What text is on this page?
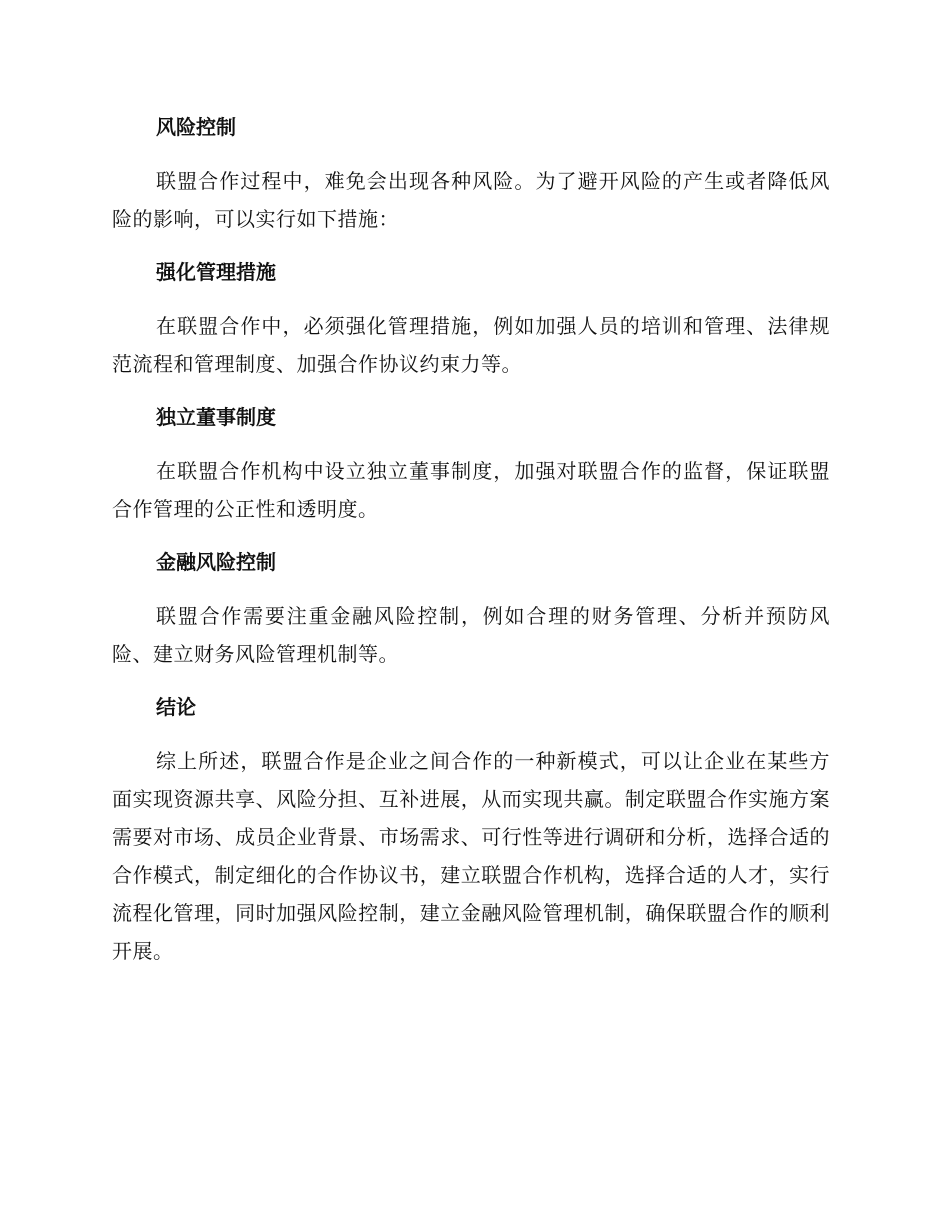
风险控制

联盟合作过程中，难免会出现各种风险。为了避开风险的产生或者降低风险的影响，可以实行如下措施：

强化管理措施

在联盟合作中，必须强化管理措施，例如加强人员的培训和管理、法律规范流程和管理制度、加强合作协议约束力等。

独立董事制度

在联盟合作机构中设立独立董事制度，加强对联盟合作的监督，保证联盟合作管理的公正性和透明度。

金融风险控制

联盟合作需要注重金融风险控制，例如合理的财务管理、分析并预防风险、建立财务风险管理机制等。

结论

综上所述，联盟合作是企业之间合作的一种新模式，可以让企业在某些方面实现资源共享、风险分担、互补进展，从而实现共赢。制定联盟合作实施方案需要对市场、成员企业背景、市场需求、可行性等进行调研和分析，选择合适的合作模式，制定细化的合作协议书，建立联盟合作机构，选择合适的人才，实行流程化管理，同时加强风险控制，建立金融风险管理机制，确保联盟合作的顺利开展。
